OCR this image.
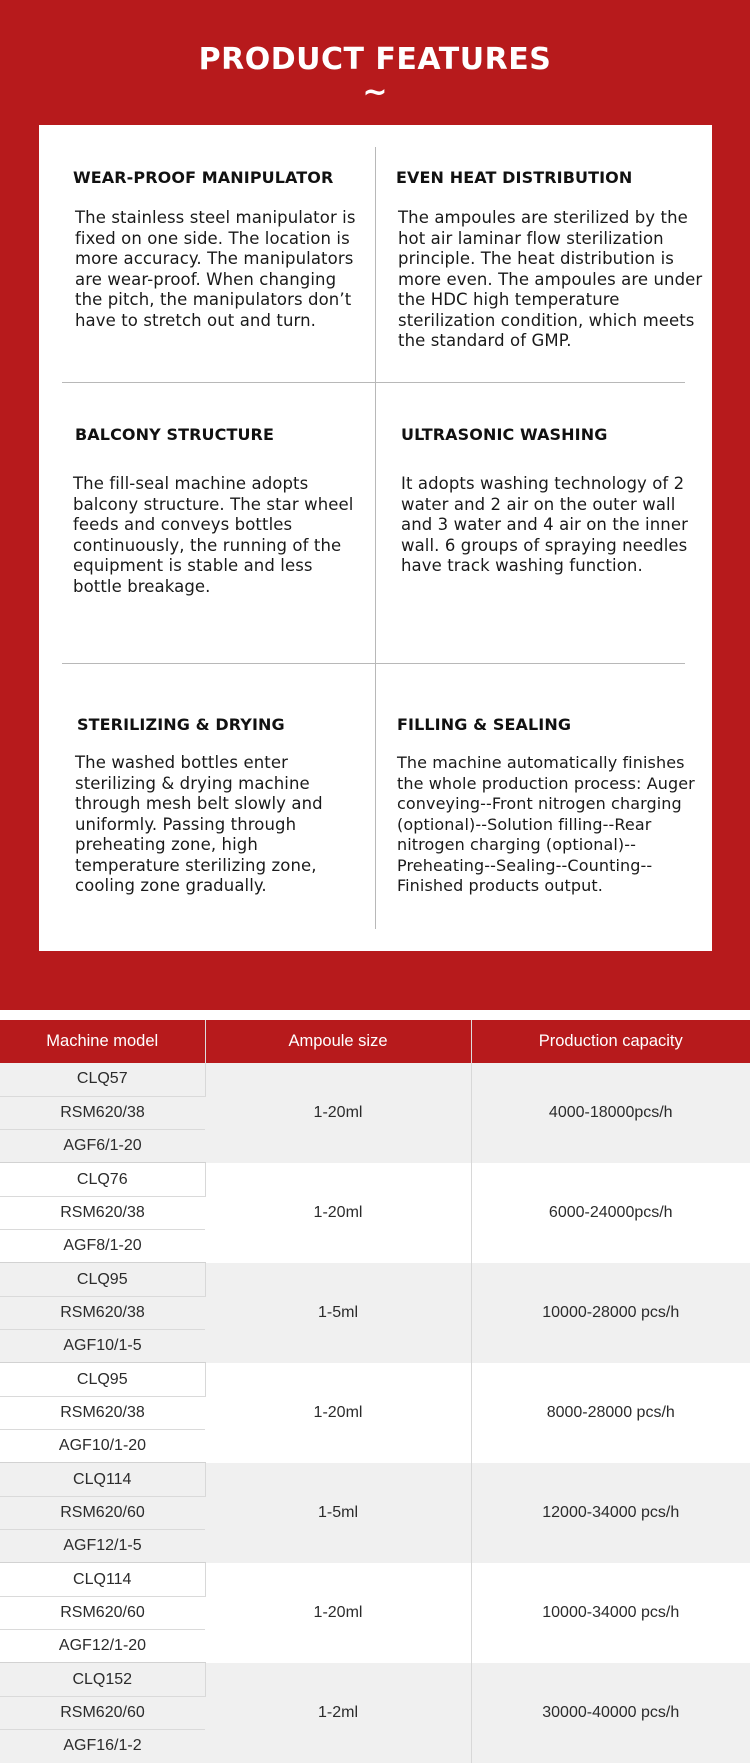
PRODUCT FEATURES
~
WEAR-PROOF MANIPULATOR

The stainless steel manipulator is fixed on one side. The location is more accuracy. The manipulators are wear-proof. When changing the pitch, the manipulators don’t have to stretch out and turn.

EVEN HEAT DISTRIBUTION

The ampoules are sterilized by the hot air laminar flow sterilization principle. The heat distribution is more even. The ampoules are under the HDC high temperature sterilization condition, which meets the standard of GMP.

BALCONY STRUCTURE

The fill-seal machine adopts balcony structure. The star wheel feeds and conveys bottles continuously, the running of the equipment is stable and less bottle breakage.

ULTRASONIC WASHING

It adopts washing technology of 2 water and 2 air on the outer wall and 3 water and 4 air on the inner wall. 6 groups of spraying needles have track washing function.

STERILIZING & DRYING

The washed bottles enter sterilizing & drying machine through mesh belt slowly and uniformly. Passing through preheating zone, high temperature sterilizing zone, cooling zone gradually.

FILLING & SEALING

The machine automatically finishes the whole production process: Auger conveying--Front nitrogen charging (optional)--Solution filling--Rear nitrogen charging (optional)--Preheating--Sealing--Counting--Finished products output.

Machine model	Ampoule size	Production capacity
CLQ57	1-20ml	4000-18000pcs/h
RSM620/38		
AGF6/1-20		
CLQ76	1-20ml	6000-24000pcs/h
RSM620/38		
AGF8/1-20		
CLQ95	1-5ml	10000-28000 pcs/h
RSM620/38		
AGF10/1-5		
CLQ95	1-20ml	8000-28000 pcs/h
RSM620/38		
AGF10/1-20		
CLQ114	1-5ml	12000-34000 pcs/h
RSM620/60		
AGF12/1-5		
CLQ114	1-20ml	10000-34000 pcs/h
RSM620/60		
AGF12/1-20		
CLQ152	1-2ml	30000-40000 pcs/h
RSM620/60		
AGF16/1-2		
